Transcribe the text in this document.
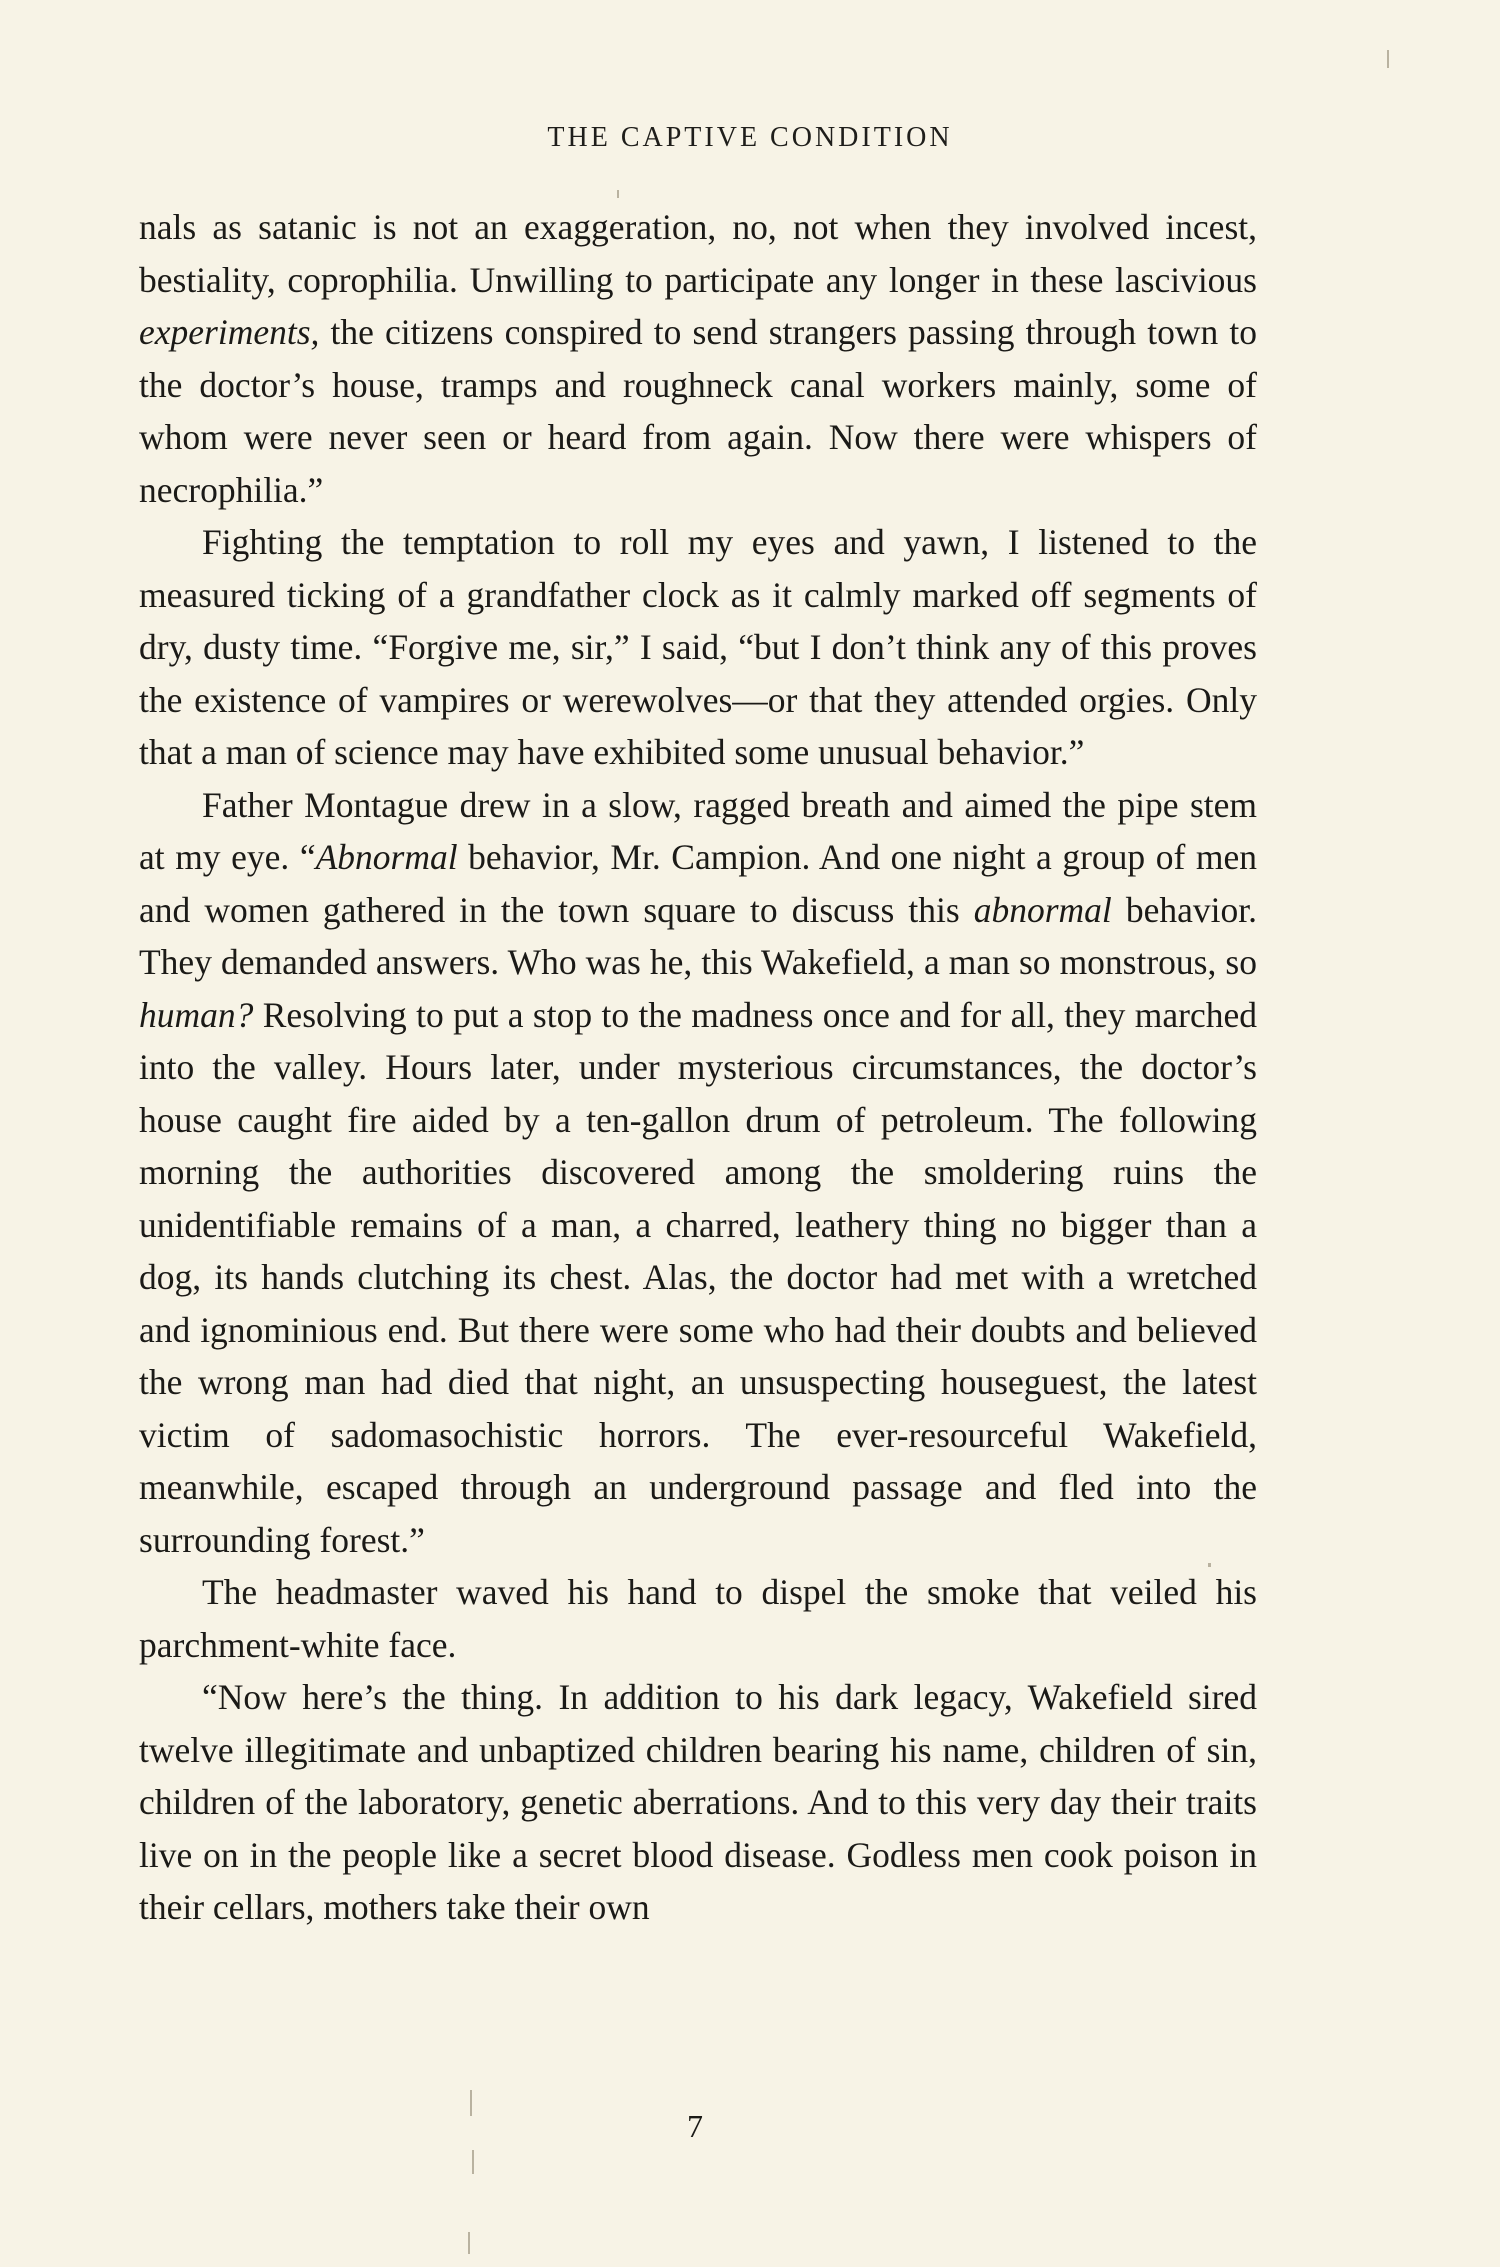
THE CAPTIVE CONDITION

nals as satanic is not an exaggeration, no, not when they involved incest, bestiality, coprophilia. Unwilling to participate any longer in these lascivious experiments, the citizens conspired to send strangers passing through town to the doctor’s house, tramps and roughneck canal workers mainly, some of whom were never seen or heard from again. Now there were whispers of necrophilia.”

Fighting the temptation to roll my eyes and yawn, I listened to the measured ticking of a grandfather clock as it calmly marked off segments of dry, dusty time. “Forgive me, sir,” I said, “but I don’t think any of this proves the existence of vampires or werewolves—or that they attended orgies. Only that a man of science may have exhibited some unusual behavior.”

Father Montague drew in a slow, ragged breath and aimed the pipe stem at my eye. “Abnormal behavior, Mr. Campion. And one night a group of men and women gathered in the town square to discuss this abnormal behavior. They demanded answers. Who was he, this Wakefield, a man so monstrous, so human? Resolving to put a stop to the madness once and for all, they marched into the valley. Hours later, under mysterious circumstances, the doctor’s house caught fire aided by a ten-gallon drum of petroleum. The following morning the authorities discovered among the smoldering ruins the unidentifiable remains of a man, a charred, leathery thing no bigger than a dog, its hands clutching its chest. Alas, the doctor had met with a wretched and ignominious end. But there were some who had their doubts and believed the wrong man had died that night, an unsuspecting houseguest, the latest victim of sadomasochistic horrors. The ever-resourceful Wakefield, meanwhile, escaped through an underground passage and fled into the surrounding forest.”

The headmaster waved his hand to dispel the smoke that veiled his parchment-white face.

“Now here’s the thing. In addition to his dark legacy, Wakefield sired twelve illegitimate and unbaptized children bearing his name, children of sin, children of the laboratory, genetic aberrations. And to this very day their traits live on in the people like a secret blood disease. Godless men cook poison in their cellars, mothers take their own

7
